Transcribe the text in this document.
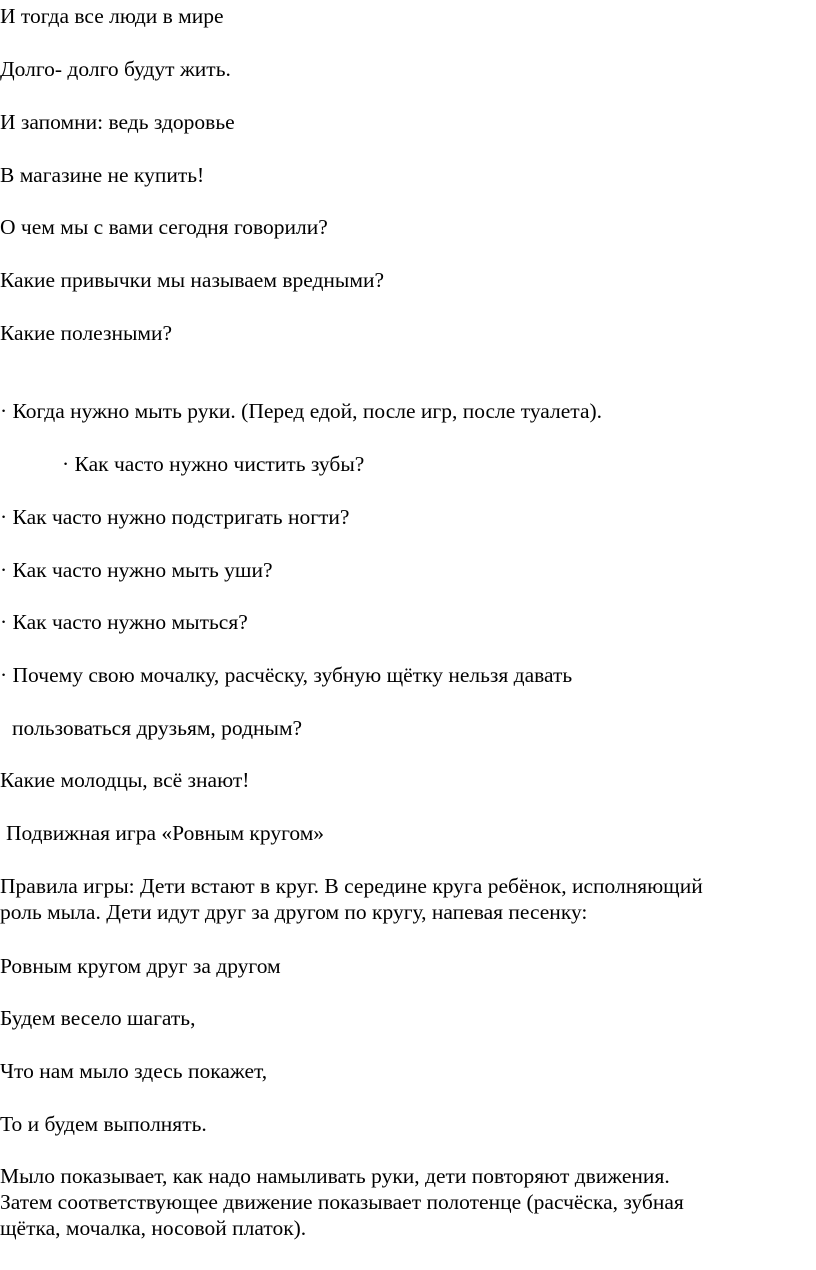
И тогда все люди в мире
Долго- долго будут жить.
И запомни: ведь здоровье
В магазине не купить!
О чем мы с вами сегодня говорили?
Какие привычки мы называем вредными?
Какие полезными?
· Когда нужно мыть руки. (Перед едой, после игр, после туалета).
· Как часто нужно чистить зубы?
· Как часто нужно подстригать ногти?
· Как часто нужно мыть уши?
· Как часто нужно мыться?
· Почему свою мочалку, расчёску, зубную щётку нельзя давать
пользоваться друзьям, родным?
Какие молодцы, всё знают!
Подвижная игра «Ровным кругом»
Правила игры: Дети встают в круг. В середине круга ребёнок, исполняющий
роль мыла. Дети идут друг за другом по кругу, напевая песенку:
Ровным кругом друг за другом
Будем весело шагать,
Что нам мыло здесь покажет,
То и будем выполнять.
Мыло показывает, как надо намыливать руки, дети повторяют движения.
Затем соответствующее движение показывает полотенце (расчёска, зубная
щётка, мочалка, носовой платок).
